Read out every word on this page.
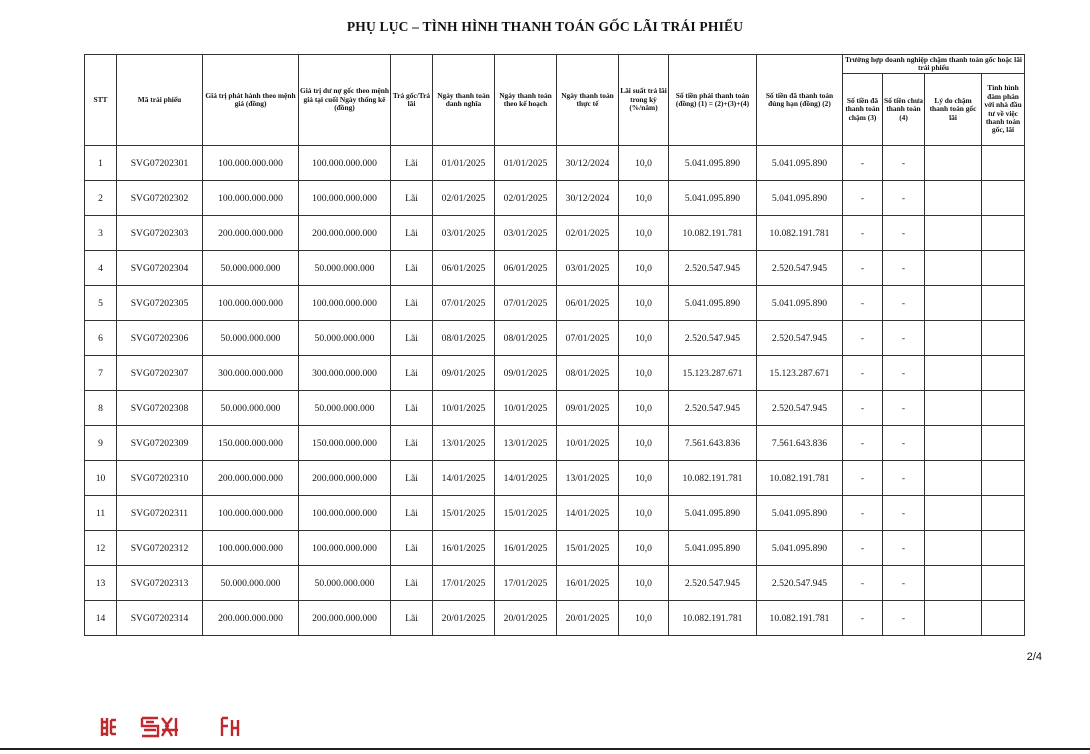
PHỤ LỤC – TÌNH HÌNH THANH TOÁN GỐC LÃI TRÁI PHIẾU
STT	Mã trái phiếu	Giá trị phát hành theo mệnh giá (đồng)	Giá trị dư nợ gốc theo mệnh giá tại cuối Ngày thống kê (đồng)	Trả gốc/Trả lãi	Ngày thanh toán danh nghĩa	Ngày thanh toán theo kế hoạch	Ngày thanh toán thực tế	Lãi suất trả lãi trong kỳ (%/năm)	Số tiền phải thanh toán (đồng) (1) = (2)+(3)+(4)	Số tiền đã thanh toán đúng hạn (đồng) (2)	Trường hợp doanh nghiệp chậm thanh toán gốc hoặc lãi trái phiếu			
											Số tiền đã thanh toán chậm (3)	Số tiền chưa thanh toán (4)	Lý do chậm thanh toán gốc lãi	Tình hình đàm phán với nhà đầu tư về việc thanh toán gốc, lãi
1	SVG07202301	100.000.000.000	100.000.000.000	Lãi	01/01/2025	01/01/2025	30/12/2024	10,0	5.041.095.890	5.041.095.890	-	-		
2	SVG07202302	100.000.000.000	100.000.000.000	Lãi	02/01/2025	02/01/2025	30/12/2024	10,0	5.041.095.890	5.041.095.890	-	-		
3	SVG07202303	200.000.000.000	200.000.000.000	Lãi	03/01/2025	03/01/2025	02/01/2025	10,0	10.082.191.781	10.082.191.781	-	-		
4	SVG07202304	50.000.000.000	50.000.000.000	Lãi	06/01/2025	06/01/2025	03/01/2025	10,0	2.520.547.945	2.520.547.945	-	-		
5	SVG07202305	100.000.000.000	100.000.000.000	Lãi	07/01/2025	07/01/2025	06/01/2025	10,0	5.041.095.890	5.041.095.890	-	-		
6	SVG07202306	50.000.000.000	50.000.000.000	Lãi	08/01/2025	08/01/2025	07/01/2025	10,0	2.520.547.945	2.520.547.945	-	-		
7	SVG07202307	300.000.000.000	300.000.000.000	Lãi	09/01/2025	09/01/2025	08/01/2025	10,0	15.123.287.671	15.123.287.671	-	-		
8	SVG07202308	50.000.000.000	50.000.000.000	Lãi	10/01/2025	10/01/2025	09/01/2025	10,0	2.520.547.945	2.520.547.945	-	-		
9	SVG07202309	150.000.000.000	150.000.000.000	Lãi	13/01/2025	13/01/2025	10/01/2025	10,0	7.561.643.836	7.561.643.836	-	-		
10	SVG07202310	200.000.000.000	200.000.000.000	Lãi	14/01/2025	14/01/2025	13/01/2025	10,0	10.082.191.781	10.082.191.781	-	-		
11	SVG07202311	100.000.000.000	100.000.000.000	Lãi	15/01/2025	15/01/2025	14/01/2025	10,0	5.041.095.890	5.041.095.890	-	-		
12	SVG07202312	100.000.000.000	100.000.000.000	Lãi	16/01/2025	16/01/2025	15/01/2025	10,0	5.041.095.890	5.041.095.890	-	-		
13	SVG07202313	50.000.000.000	50.000.000.000	Lãi	17/01/2025	17/01/2025	16/01/2025	10,0	2.520.547.945	2.520.547.945	-	-		
14	SVG07202314	200.000.000.000	200.000.000.000	Lãi	20/01/2025	20/01/2025	20/01/2025	10,0	10.082.191.781	10.082.191.781	-	-		
2/4
